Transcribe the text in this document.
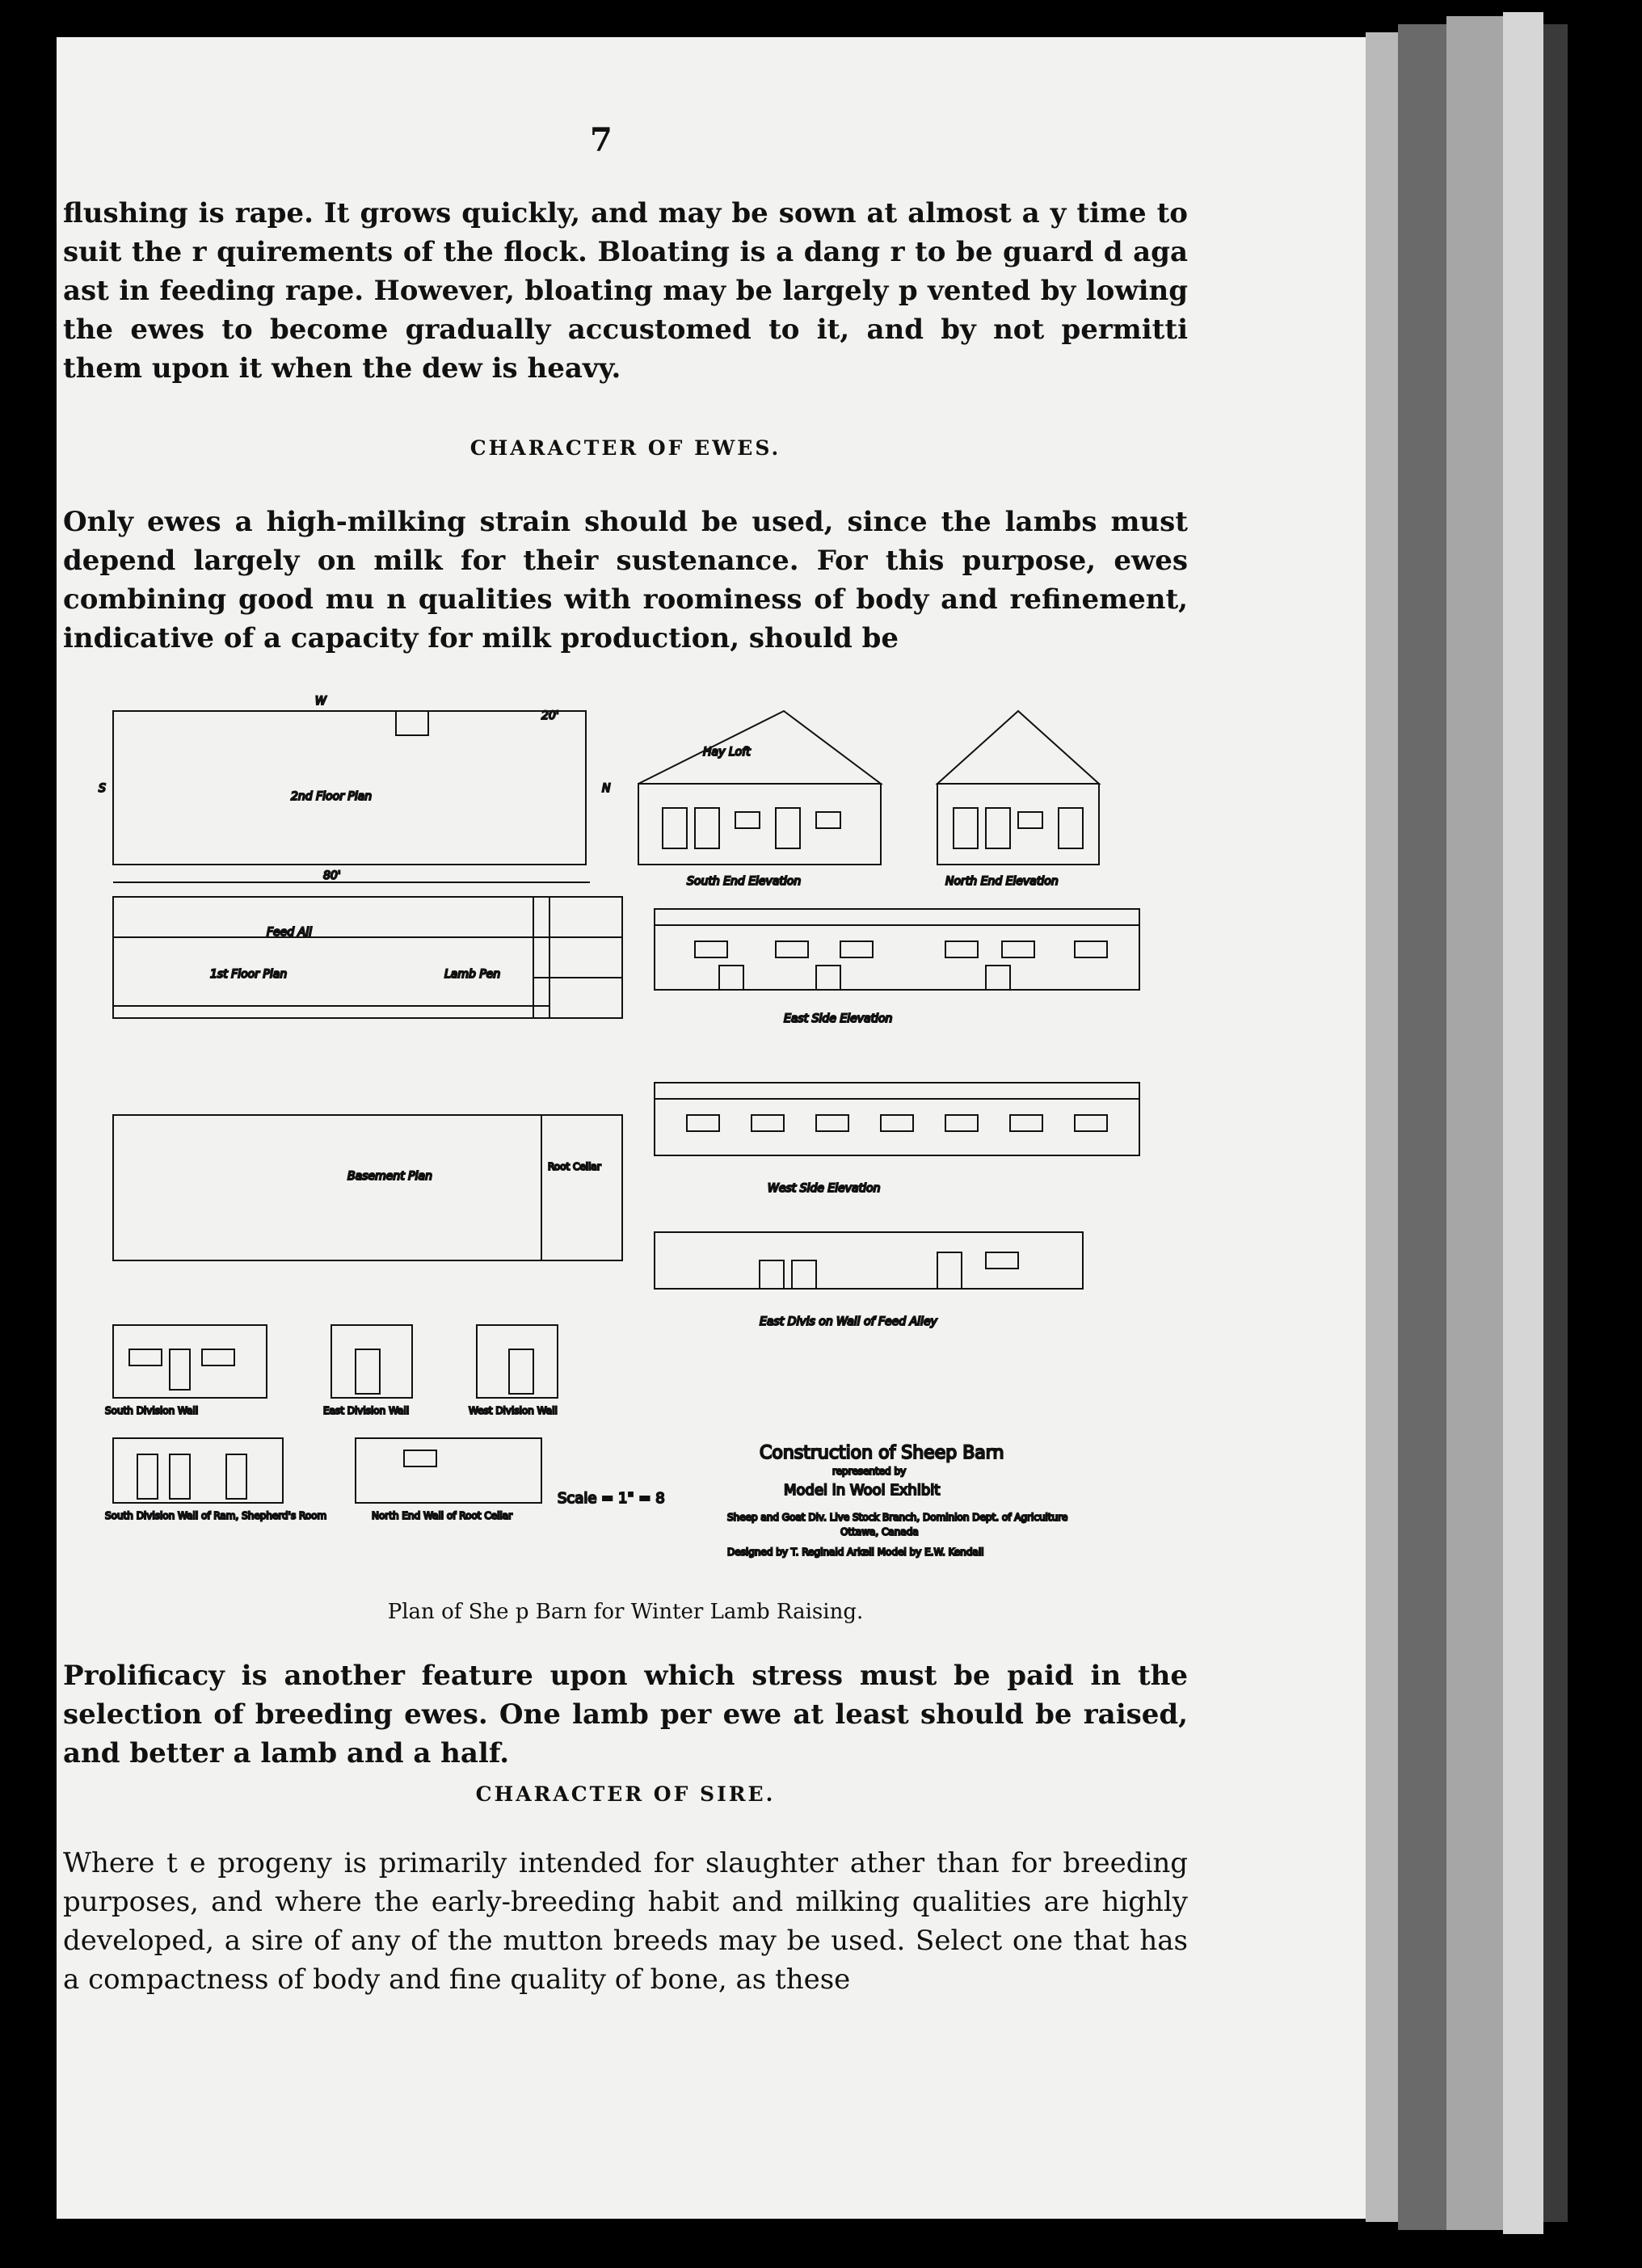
7
flushing is rape. It grows quickly, and may be sown at almost a y time to suit the r quirements of the flock. Bloating is a dang r to be guard d aga ast in feeding rape. However, bloating may be largely p vented by lowing the ewes to become gradually accustomed to it, and by not permitti them upon it when the dew is heavy.
CHARACTER OF EWES.
Only ewes a high-milking strain should be used, since the lambs must depend largely on milk for their sustenance. For this purpose, ewes combining good mu n qualities with roominess of body and refinement, indicative of a capacity for milk production, should be
W
S
2nd Floor Plan
N
20'
80'
Feed All
1st Floor Plan	Lamb Pen
Hay Loft
South End Elevation	North End Elevation
East Side Elevation
Basement Plan
Root Cellar
West Side Elevation
East Divis on Wall of Feed Alley
South Division Wall	East Division Wall	West Division Wall
South Division Wall of Ram, Shepherd's Room	North End Wall of Root Cellar
Scale = 1" = 8
Construction of Sheep Barn
represented by
Model in Wool Exhibit
Sheep and Goat Div. Live Stock Branch, Dominion Dept. of Agriculture
Ottawa, Canada
Designed by T. Reginald Arkell Model by E.W. Kendall
Plan of She p Barn for Winter Lamb Raising.
Prolificacy is another feature upon which stress must be paid in the selection of breeding ewes. One lamb per ewe at least should be raised, and better a lamb and a half.
CHARACTER OF SIRE.
Where t e progeny is primarily intended for slaughter ather than for breeding purposes, and where the early-breeding habit and milking qualities are highly developed, a sire of any of the mutton breeds may be used. Select one that has a compactness of body and fine quality of bone, as these
